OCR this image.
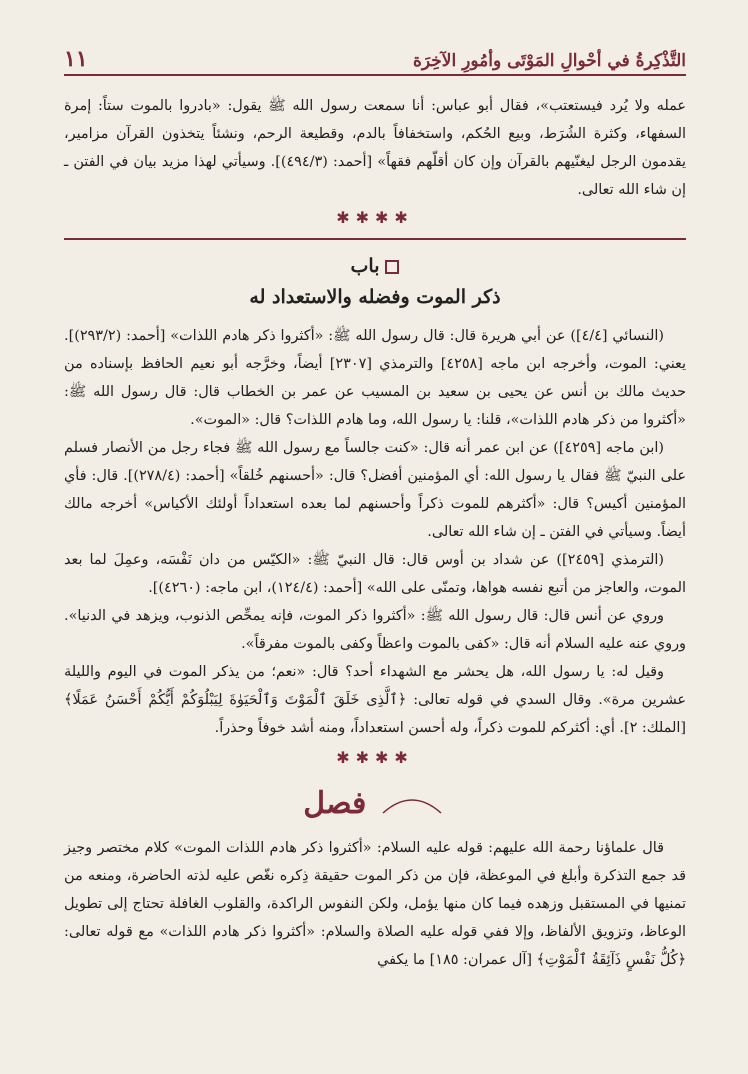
١١	التَّذْكِرةُ في أحْوالِ المَوْتَى وأمُورِ الآخِرَة

عمله ولا يُرد فيستعتب»، فقال أبو عباس: أنا سمعت رسول الله ﷺ يقول: «بادروا بالموت ستاً: إمرة السفهاء، وكثرة الشُرَط، وبيع الحُكم، واستخفافاً بالدم، وقطيعة الرحم، ونشئاً يتخذون القرآن مزامير، يقدمون الرجل ليغنّيهم بالقرآن وإن كان أقلّهم فقهاً» [أحمد: (٤٩٤/٣)]. وسيأتي لهذا مزيد بيان في الفتن ـ إن شاء الله تعالى.

✱✱✱✱
باب
ذكر الموت وفضله والاستعداد له

(النسائي [٤/٤]) عن أبي هريرة قال: قال رسول الله ﷺ: «أكثروا ذكر هادم اللذات» [أحمد: (٢٩٣/٢)]. يعني: الموت، وأخرجه ابن ماجه [٤٢٥٨] والترمذي [٢٣٠٧] أيضاً، وخرَّجه أبو نعيم الحافظ بإسناده من حديث مالك بن أنس عن يحيى بن سعيد بن المسيب عن عمر بن الخطاب قال: قال رسول الله ﷺ: «أكثروا من ذكر هادم اللذات»، قلنا: يا رسول الله، وما هادم اللذات؟ قال: «الموت».

(ابن ماجه [٤٢٥٩]) عن ابن عمر أنه قال: «كنت جالساً مع رسول الله ﷺ فجاء رجل من الأنصار فسلم على النبيّ ﷺ فقال يا رسول الله: أي المؤمنين أفضل؟ قال: «أحسنهم خُلقاً» [أحمد: (٢٧٨/٤)]. قال: فأي المؤمنين أكيس؟ قال: «أكثرهم للموت ذكراً وأحسنهم لما بعده استعداداً أولئك الأكياس» أخرجه مالك أيضاً. وسيأتي في الفتن ـ إن شاء الله تعالى.

(الترمذي [٢٤٥٩]) عن شداد بن أوس قال: قال النبيّ ﷺ: «الكيّس من دان نَفْسَه، وعمِلَ لما بعد الموت، والعاجز من أتبع نفسه هواها، وتمنّى على الله» [أحمد: (١٢٤/٤)، ابن ماجه: (٤٢٦٠)].

وروي عن أنس قال: قال رسول الله ﷺ: «أكثروا ذكر الموت، فإنه يمحِّص الذنوب، ويزهد في الدنيا». وروي عنه عليه السلام أنه قال: «كفى بالموت واعظاً وكفى بالموت مفرقاً».

وقيل له: يا رسول الله، هل يحشر مع الشهداء أحد؟ قال: «نعم؛ من يذكر الموت في اليوم والليلة عشرين مرة». وقال السدي في قوله تعالى: ﴿ٱلَّذِى خَلَقَ ٱلْمَوْتَ وَٱلْحَيَوٰةَ لِيَبْلُوَكُمْ أَيُّكُمْ أَحْسَنُ عَمَلًا﴾ [الملك: ٢]. أي: أكثركم للموت ذكراً، وله أحسن استعداداً، ومنه أشد خوفاً وحذراً.

✱✱✱✱
فصل

قال علماؤنا رحمة الله عليهم: قوله عليه السلام: «أكثروا ذكر هادم اللذات الموت» كلام مختصر وجيز قد جمع التذكرة وأبلغ في الموعظة، فإن من ذكر الموت حقيقة ذِكره نغّص عليه لذته الحاضرة، ومنعه من تمنيها في المستقبل وزهده فيما كان منها يؤمل، ولكن النفوس الراكدة، والقلوب الغافلة تحتاج إلى تطويل الوعاظ، وتزويق الألفاظ، وإلا ففي قوله عليه الصلاة والسلام: «أكثروا ذكر هادم اللذات» مع قوله تعالى: ﴿كُلُّ نَفْسٍ ذَآئِقَةُ ٱلْمَوْتِ﴾ [آل عمران: ١٨٥] ما يكفي
